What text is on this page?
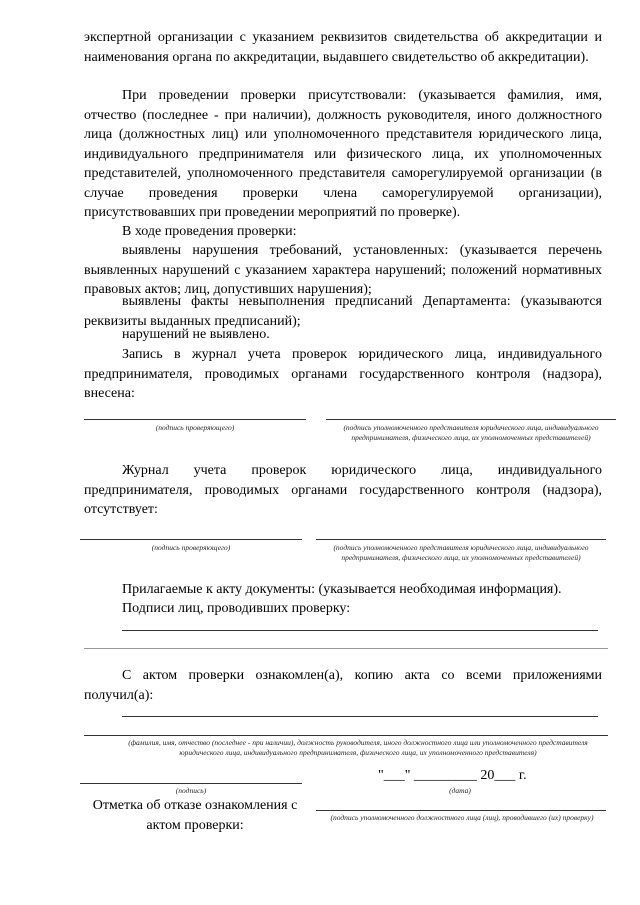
экспертной организации с указанием реквизитов свидетельства об аккредитации и наименования органа по аккредитации, выдавшего свидетельство об аккредитации).

При проведении проверки присутствовали: (указывается фамилия, имя, отчество (последнее - при наличии), должность руководителя, иного должностного лица (должностных лиц) или уполномоченного представителя юридического лица, индивидуального предпринимателя или физического лица, их уполномоченных представителей, уполномоченного представителя саморегулируемой организации (в случае проведения проверки члена саморегулируемой организации), присутствовавших при проведении мероприятий по проверке).

В ходе проведения проверки:

выявлены нарушения требований, установленных: (указывается перечень выявленных нарушений с указанием характера нарушений; положений нормативных правовых актов; лиц, допустивших нарушения);

выявлены факты невыполнения предписаний Департамента: (указываются реквизиты выданных предписаний);

нарушений не выявлено.

Запись в журнал учета проверок юридического лица, индивидуального предпринимателя, проводимых органами государственного контроля (надзора), внесена:

(подпись проверяющего)	(подпись уполномоченного представителя юридического лица, индивидуального предпринимателя, физического лица, их уполномоченных представителей)

Журнал учета проверок юридического лица, индивидуального предпринимателя, проводимых органами государственного контроля (надзора), отсутствует:

(подпись проверяющего)	(подпись уполномоченного представителя юридического лица, индивидуального предпринимателя, физического лица, их уполномоченных представителей)

Прилагаемые к акту документы: (указывается необходимая информация).

Подписи лиц, проводивших проверку:

С актом проверки ознакомлен(а), копию акта со всеми приложениями получил(а):

(фамилия, имя, отчество (последнее - при наличии), должность руководителя, иного должностного лица или уполномоченного представителя юридического лица, индивидуального предпринимателя, физического лица, их уполномоченного представителя)

"___" _________ 20___ г.

(подпись)	(дата)

Отметка об отказе ознакомления с актом проверки:	(подпись уполномоченного должностного лица (лиц), проводившего (их) проверку)
